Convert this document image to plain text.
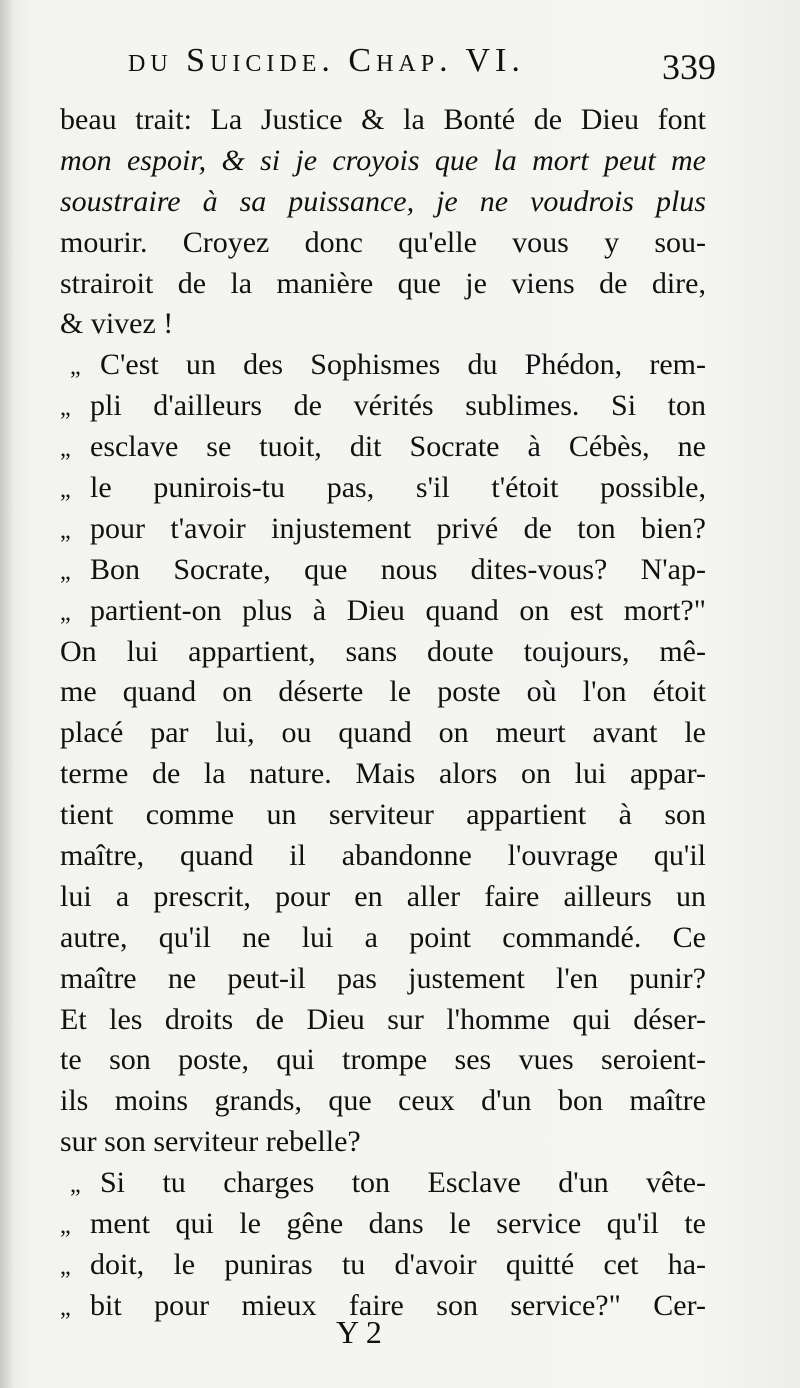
du Suicide. Chap. VI.	339
beau trait: La Justice & la Bonté de Dieu font
mon espoir, & si je croyois que la mort peut me
soustraire à sa puissance, je ne voudrois plus
mourir. Croyez donc qu'elle vous y sou-
strairoit de la manière que je viens de dire,
& vivez !
„ C'est un des Sophismes du Phédon, rem-
„ pli d'ailleurs de vérités sublimes. Si ton
„ esclave se tuoit, dit Socrate à Cébès, ne
„ le punirois-tu pas, s'il t'étoit possible,
„ pour t'avoir injustement privé de ton bien?
„ Bon Socrate, que nous dites-vous? N'ap-
„ partient-on plus à Dieu quand on est mort?"
On lui appartient, sans doute toujours, mê-
me quand on déserte le poste où l'on étoit
placé par lui, ou quand on meurt avant le
terme de la nature. Mais alors on lui appar-
tient comme un serviteur appartient à son
maître, quand il abandonne l'ouvrage qu'il
lui a prescrit, pour en aller faire ailleurs un
autre, qu'il ne lui a point commandé. Ce
maître ne peut-il pas justement l'en punir?
Et les droits de Dieu sur l'homme qui déser-
te son poste, qui trompe ses vues seroient-
ils moins grands, que ceux d'un bon maître
sur son serviteur rebelle?
„ Si tu charges ton Esclave d'un vête-
„ ment qui le gêne dans le service qu'il te
„ doit, le puniras tu d'avoir quitté cet ha-
„ bit pour mieux faire son service?" Cer-
Y 2
